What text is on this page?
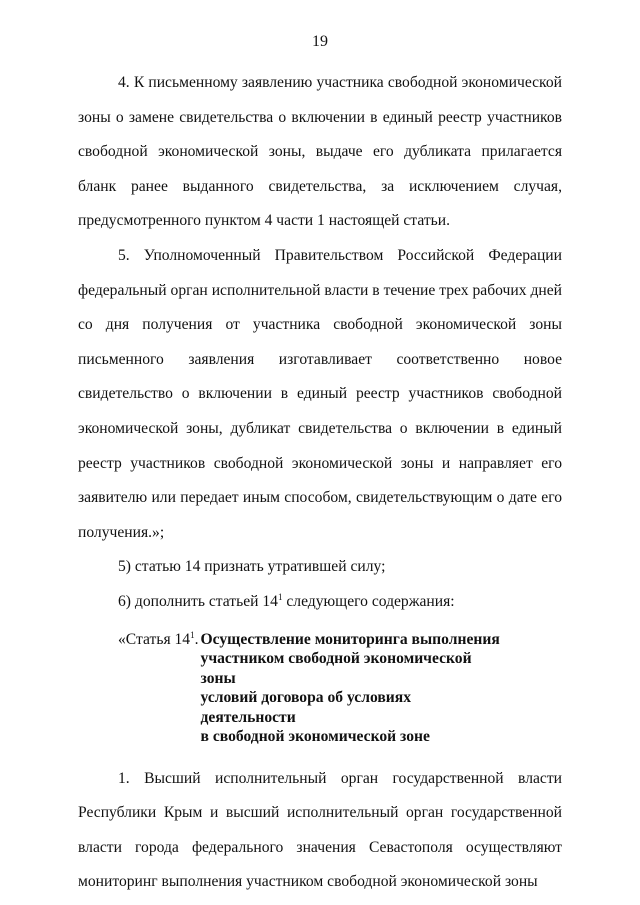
19

4. К письменному заявлению участника свободной экономической зоны о замене свидетельства о включении в единый реестр участников свободной экономической зоны, выдаче его дубликата прилагается бланк ранее выданного свидетельства, за исключением случая, предусмотренного пунктом 4 части 1 настоящей статьи.

5. Уполномоченный Правительством Российской Федерации федеральный орган исполнительной власти в течение трех рабочих дней со дня получения от участника свободной экономической зоны письменного заявления изготавливает соответственно новое свидетельство о включении в единый реестр участников свободной экономической зоны, дубликат свидетельства о включении в единый реестр участников свободной экономической зоны и направляет его заявителю или передает иным способом, свидетельствующим о дате его получения.»;

5) статью 14 признать утратившей силу;

6) дополнить статьей $14^1$ следующего содержания:

«Статья $14^1$. Осуществление мониторинга выполнения
участником свободной экономической зоны
условий договора об условиях деятельности
в свободной экономической зоне

1. Высший исполнительный орган государственной власти Республики Крым и высший исполнительный орган государственной власти города федерального значения Севастополя осуществляют мониторинг выполнения участником свободной экономической зоны
